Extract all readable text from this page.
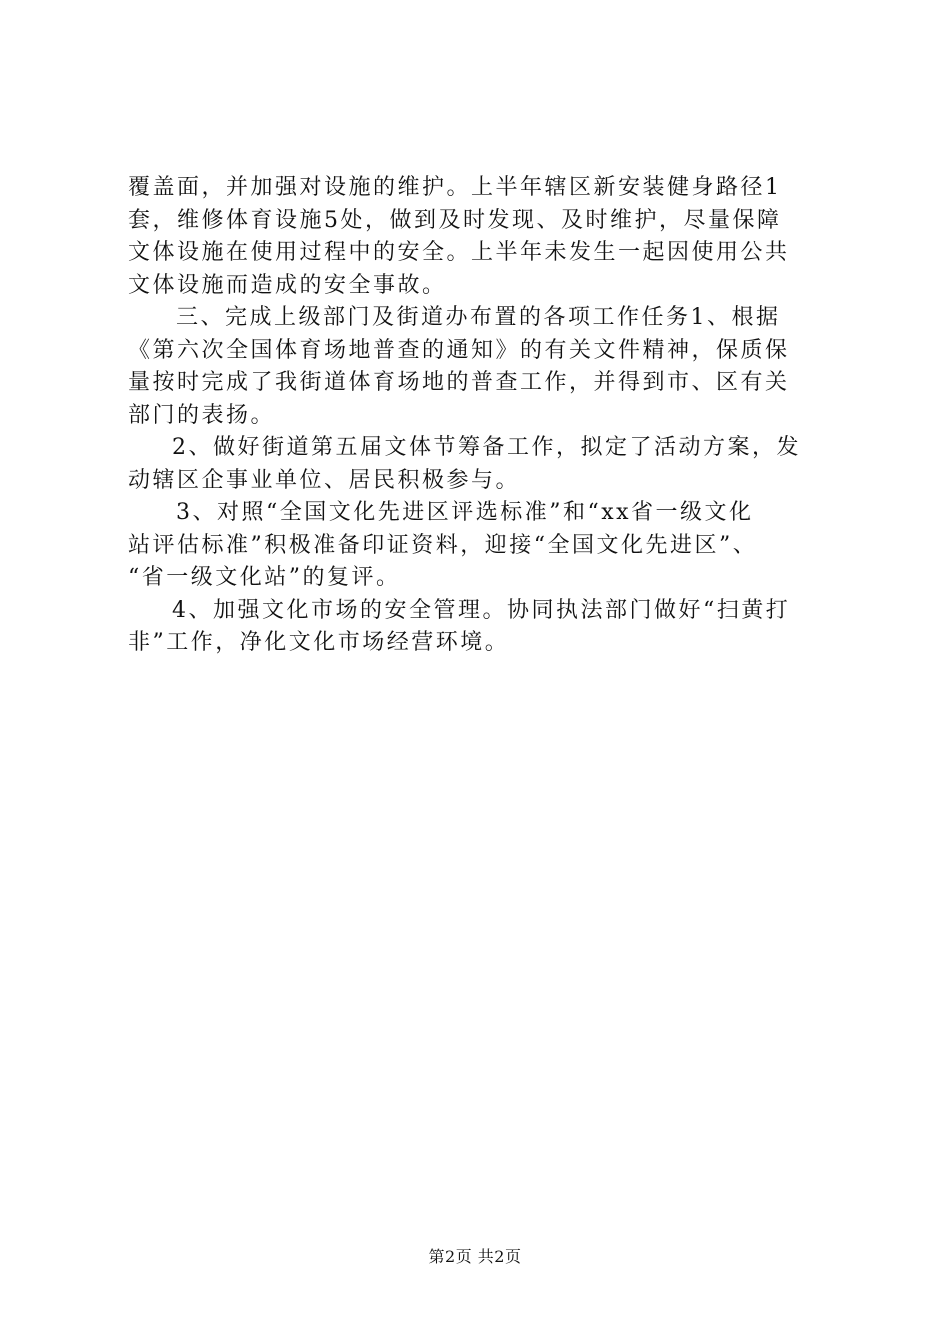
覆盖面，并加强对设施的维护。上半年辖区新安装健身路径1
套，维修体育设施5处，做到及时发现、及时维护，尽量保障
文体设施在使用过程中的安全。上半年未发生一起因使用公共
文体设施而造成的安全事故。
三、完成上级部门及街道办布置的各项工作任务1、根据
《第六次全国体育场地普查的通知》的有关文件精神，保质保
量按时完成了我街道体育场地的普查工作，并得到市、区有关
部门的表扬。
2、做好街道第五届文体节筹备工作，拟定了活动方案，发
动辖区企事业单位、居民积极参与。
3、对照“全国文化先进区评选标准”和“xx省一级文化
站评估标准”积极准备印证资料，迎接“全国文化先进区”、
“省一级文化站”的复评。
4、加强文化市场的安全管理。协同执法部门做好“扫黄打
非”工作，净化文化市场经营环境。
第2页 共2页
